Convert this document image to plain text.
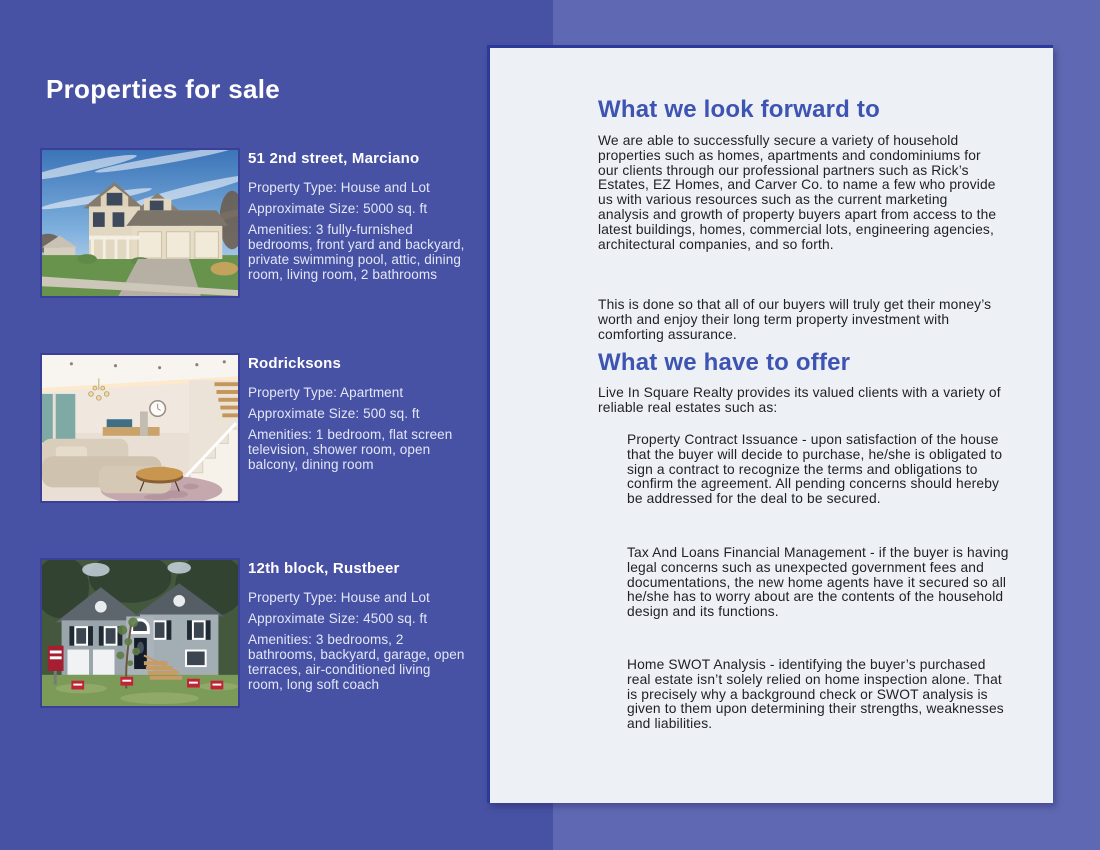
Properties for sale
51 2nd street, Marciano

Property Type: House and Lot

Approximate Size: 5000 sq. ft

Amenities: 3 fully-furnished bedrooms, front yard and backyard, private swimming pool, attic, dining room, living room, 2 bathrooms

Rodricksons

Property Type: Apartment

Approximate Size: 500 sq. ft

Amenities: 1 bedroom, flat screen television, shower room, open balcony, dining room

12th block, Rustbeer

Property Type: House and Lot

Approximate Size: 4500 sq. ft

Amenities: 3 bedrooms, 2 bathrooms, backyard, garage, open terraces, air-conditioned living room, long soft coach

What we look forward to

We are able to successfully secure a variety of household properties such as homes, apartments and condominiums for our clients through our professional partners such as Rick’s Estates, EZ Homes, and Carver Co. to name a few who provide us with various resources such as the current marketing analysis and growth of property buyers apart from access to the latest buildings, homes, commercial lots, engineering agencies, architectural companies, and so forth.

This is done so that all of our buyers will truly get their money’s worth and enjoy their long term property investment with comforting assurance.

What we have to offer

Live In Square Realty provides its valued clients with a variety of reliable real estates such as:

Property Contract Issuance - upon satisfaction of the house that the buyer will decide to purchase, he/she is obligated to sign a contract to recognize the terms and obligations to confirm the agreement. All pending concerns should hereby be addressed for the deal to be secured.

Tax And Loans Financial Management - if the buyer is having legal concerns such as unexpected government fees and documentations, the new home agents have it secured so all he/she has to worry about are the contents of the household design and its functions.

Home SWOT Analysis - identifying the buyer’s purchased real estate isn’t solely relied on home inspection alone. That is precisely why a background check or SWOT analysis is given to them upon determining their strengths, weaknesses and liabilities.
